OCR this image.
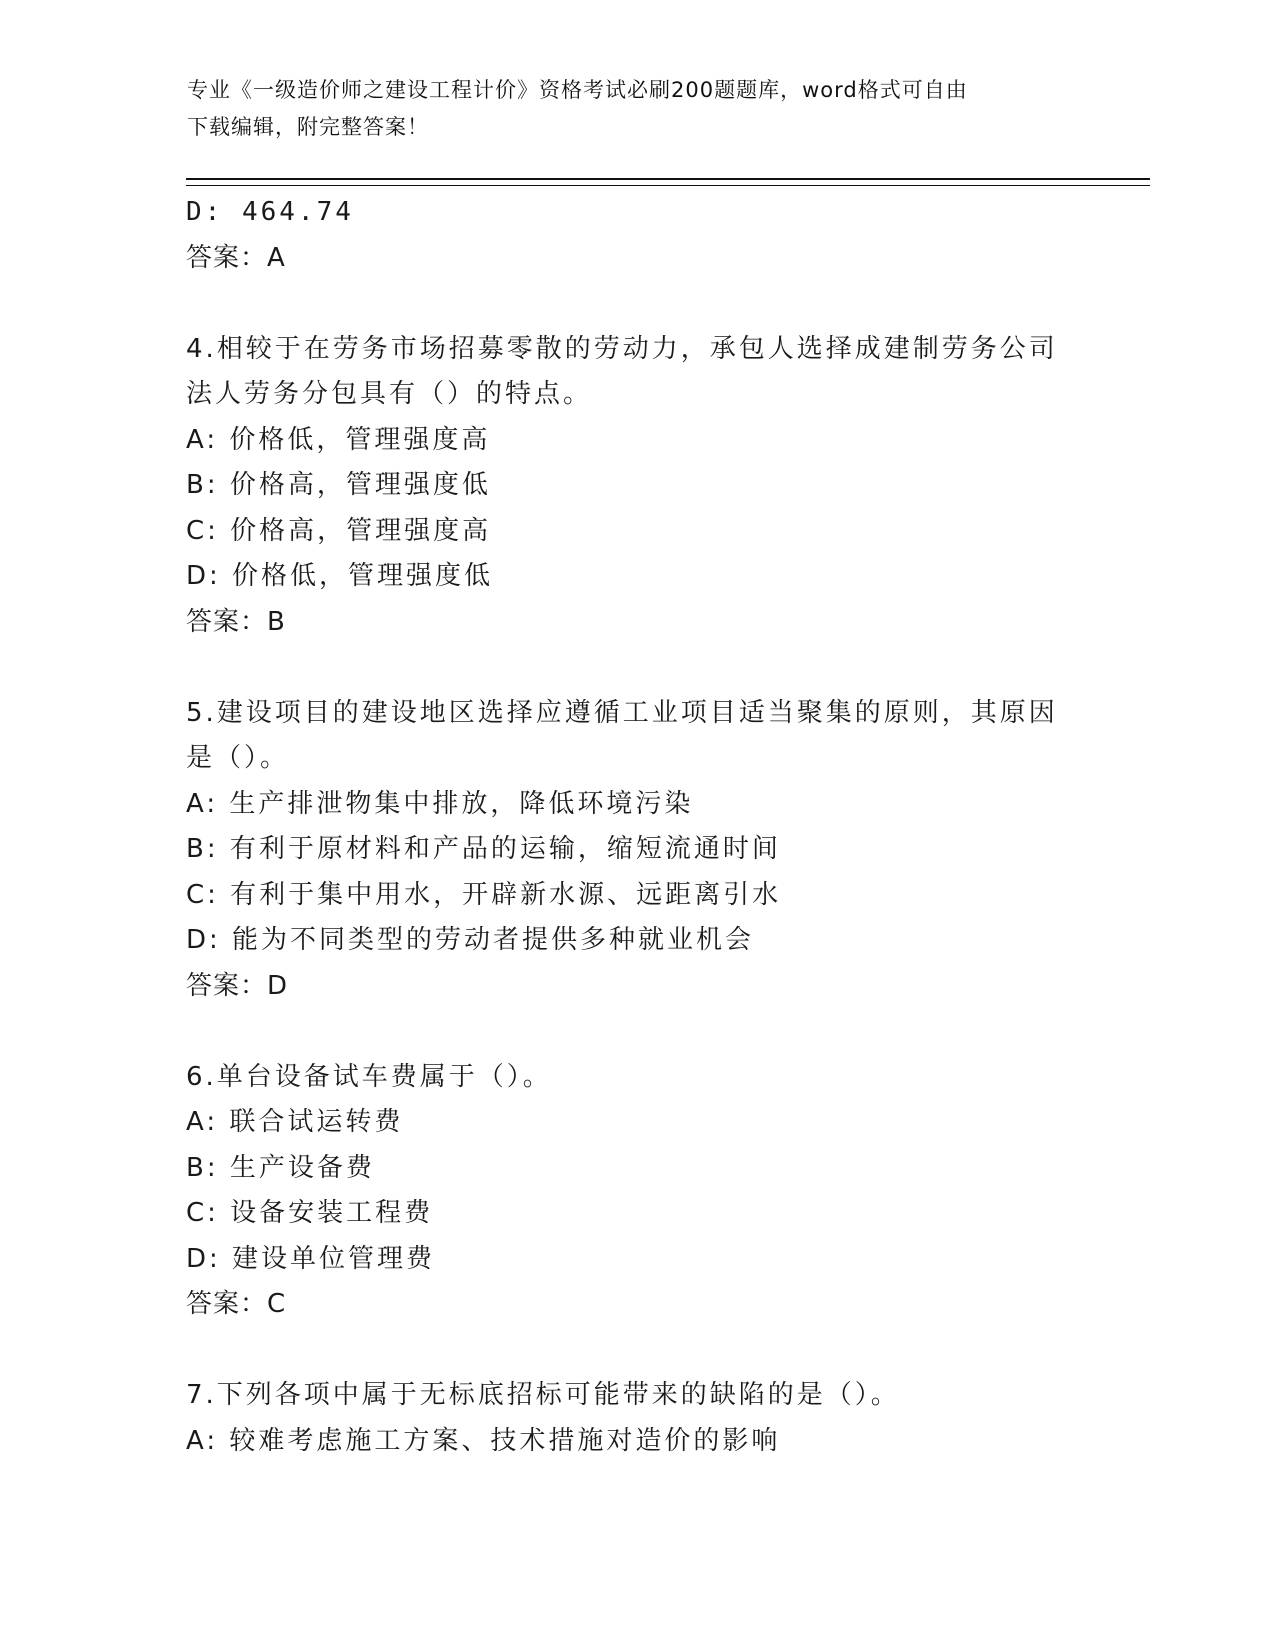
专业《一级造价师之建设工程计价》资格考试必刷200题题库，word格式可自由
下载编辑，附完整答案！
D: 464.74
答案：A
4.相较于在劳务市场招募零散的劳动力，承包人选择成建制劳务公司
法人劳务分包具有（）的特点。
A: 价格低，管理强度高
B: 价格高，管理强度低
C: 价格高，管理强度高
D: 价格低，管理强度低
答案：B
5.建设项目的建设地区选择应遵循工业项目适当聚集的原则，其原因
是（）。
A: 生产排泄物集中排放，降低环境污染
B: 有利于原材料和产品的运输，缩短流通时间
C: 有利于集中用水，开辟新水源、远距离引水
D: 能为不同类型的劳动者提供多种就业机会
答案：D
6.单台设备试车费属于（）。
A: 联合试运转费
B: 生产设备费
C: 设备安装工程费
D: 建设单位管理费
答案：C
7.下列各项中属于无标底招标可能带来的缺陷的是（）。
A: 较难考虑施工方案、技术措施对造价的影响
